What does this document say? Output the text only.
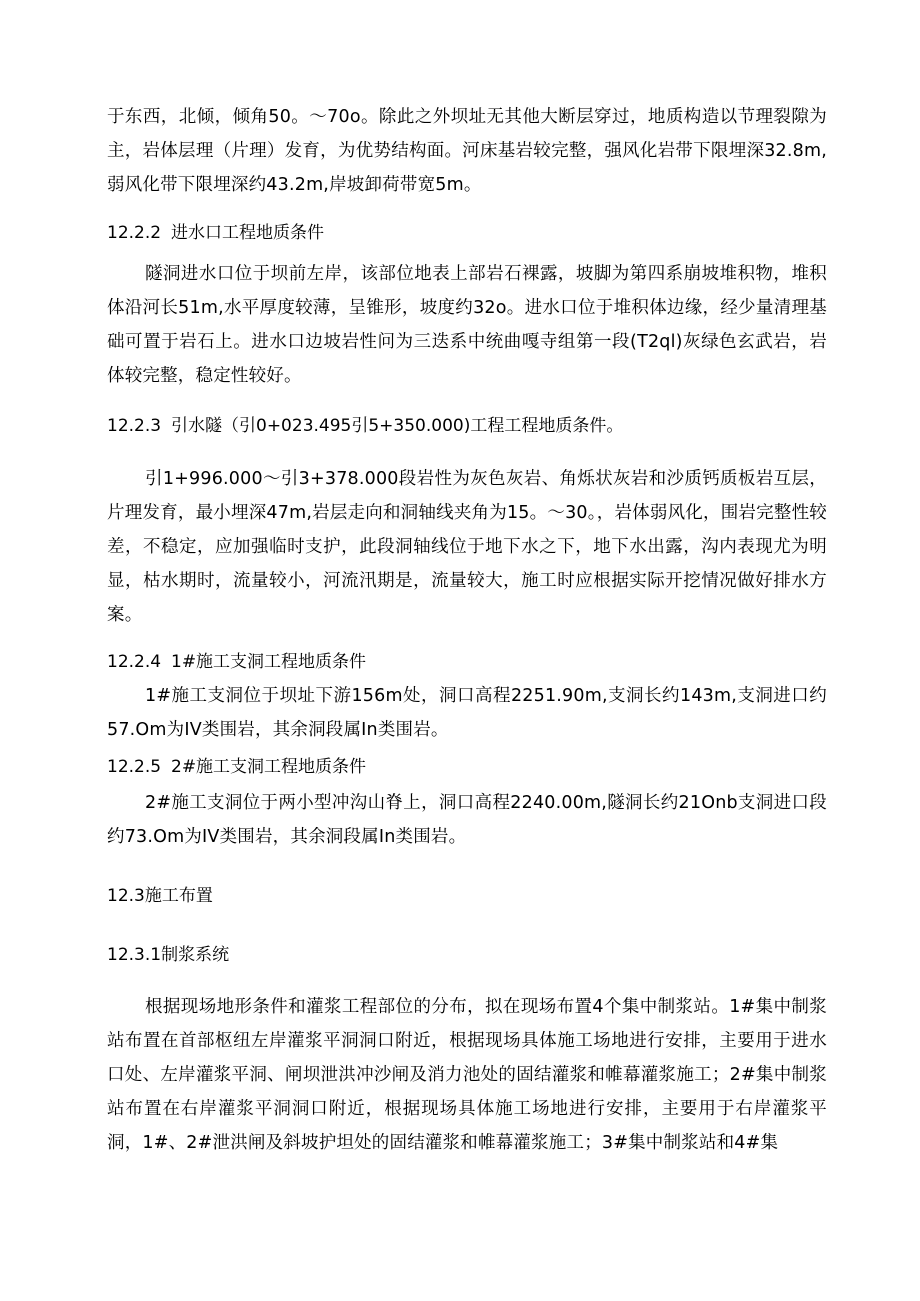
于东西，北倾，倾角50。～70o。除此之外坝址无其他大断层穿过，地质构造以节理裂隙为主，岩体层理（片理）发育，为优势结构面。河床基岩较完整，强风化岩带下限埋深32.8m,弱风化带下限埋深约43.2m,岸坡卸荷带宽5m。

12.2.2 进水口工程地质条件

隧洞进水口位于坝前左岸，该部位地表上部岩石裸露，坡脚为第四系崩坡堆积物，堆积体沿河长51m,水平厚度较薄，呈锥形，坡度约32o。进水口位于堆积体边缘，经少量清理基础可置于岩石上。进水口边坡岩性问为三迭系中统曲嘎寺组第一段(T2ql)灰绿色玄武岩，岩体较完整，稳定性较好。

12.2.3 引水隧（引0+023.495引5+350.000)工程工程地质条件。

引1+996.000～引3+378.000段岩性为灰色灰岩、角烁状灰岩和沙质钙质板岩互层，片理发育，最小埋深47m,岩层走向和洞轴线夹角为15。～30。，岩体弱风化，围岩完整性较差，不稳定，应加强临时支护，此段洞轴线位于地下水之下，地下水出露，沟内表现尤为明显，枯水期时，流量较小，河流汛期是，流量较大，施工时应根据实际开挖情况做好排水方案。

12.2.4 1#施工支洞工程地质条件

1#施工支洞位于坝址下游156m处，洞口高程2251.90m,支洞长约143m,支洞进口约57.Om为IV类围岩，其余洞段属In类围岩。

12.2.5 2#施工支洞工程地质条件

2#施工支洞位于两小型冲沟山脊上，洞口高程2240.00m,隧洞长约21Onb支洞进口段约73.Om为IV类围岩，其余洞段属In类围岩。

12.3施工布置
12.3.1制浆系统

根据现场地形条件和灌浆工程部位的分布，拟在现场布置4个集中制浆站。1#集中制浆站布置在首部枢纽左岸灌浆平洞洞口附近，根据现场具体施工场地进行安排，主要用于进水口处、左岸灌浆平洞、闸坝泄洪冲沙闸及消力池处的固结灌浆和帷幕灌浆施工；2#集中制浆站布置在右岸灌浆平洞洞口附近，根据现场具体施工场地进行安排，主要用于右岸灌浆平洞，1#、2#泄洪闸及斜坡护坦处的固结灌浆和帷幕灌浆施工；3#集中制浆站和4#集
